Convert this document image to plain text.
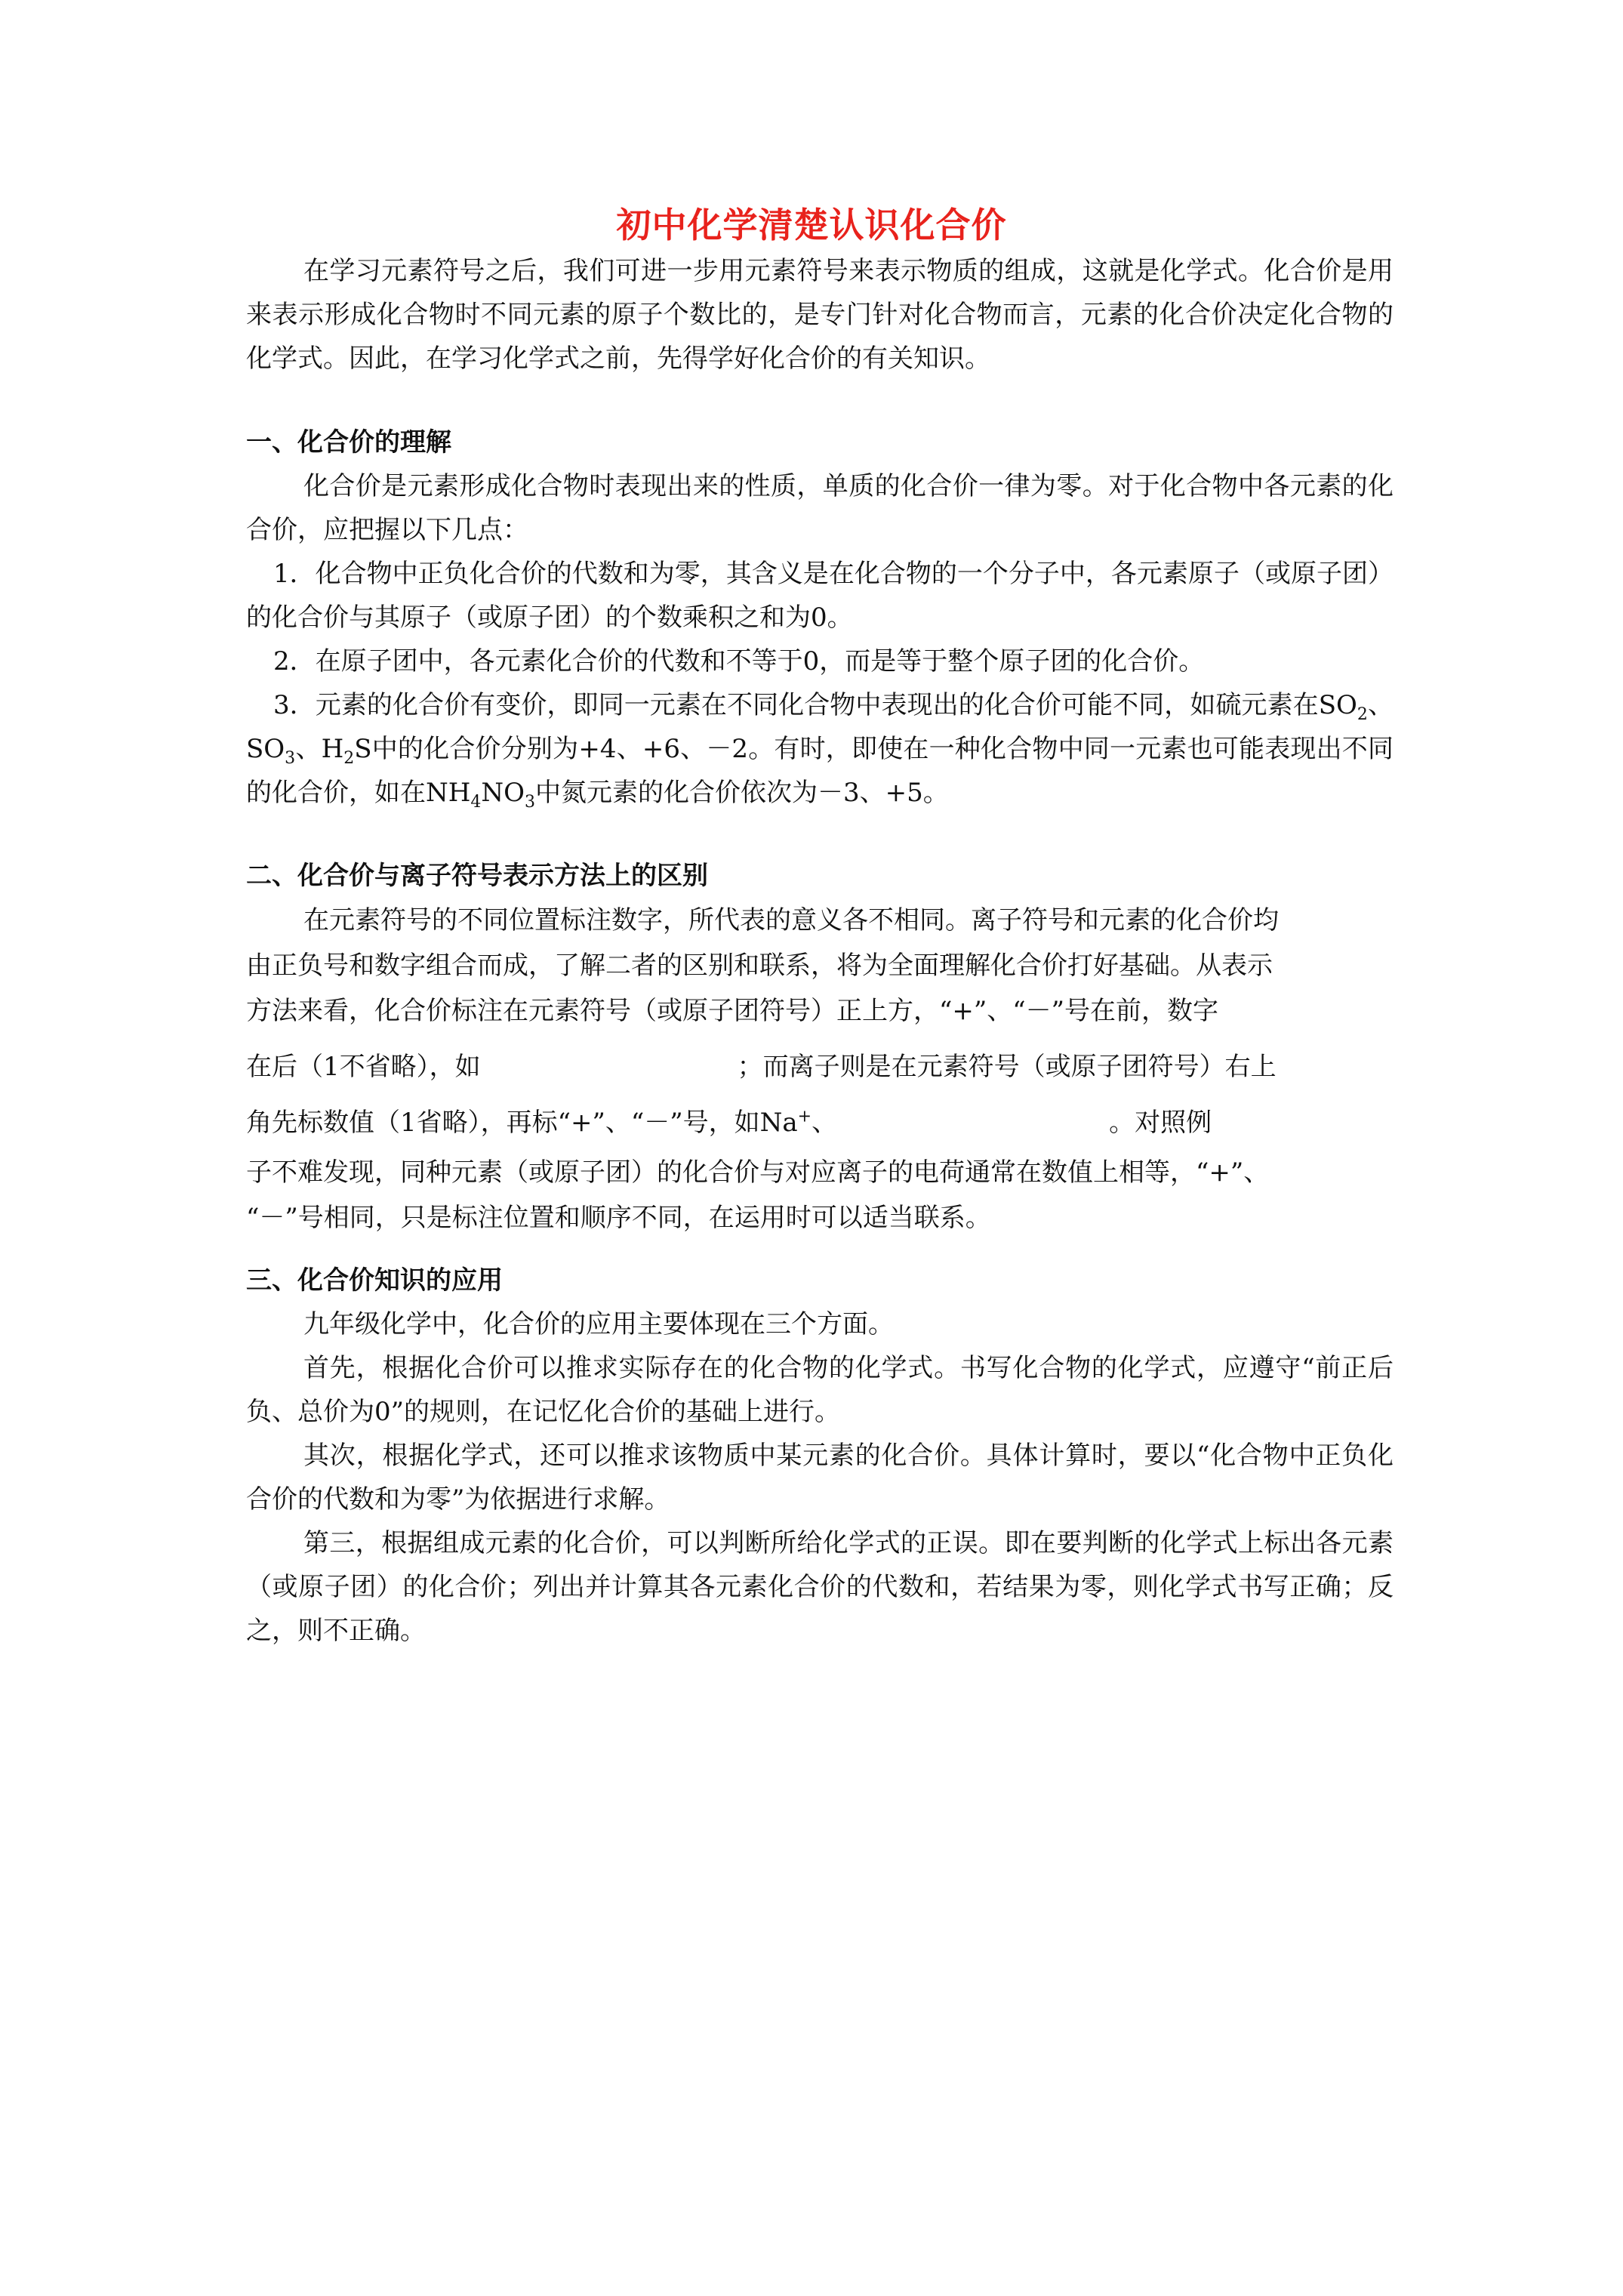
初中化学清楚认识化合价
在学习元素符号之后，我们可进一步用元素符号来表示物质的组成，这就是化学式。化合价是用来表示形成化合物时不同元素的原子个数比的，是专门针对化合物而言，元素的化合价决定化合物的化学式。因此，在学习化学式之前，先得学好化合价的有关知识。
一、化合价的理解
化合价是元素形成化合物时表现出来的性质，单质的化合价一律为零。对于化合物中各元素的化合价，应把握以下几点：
1．化合物中正负化合价的代数和为零，其含义是在化合物的一个分子中，各元素原子（或原子团）的化合价与其原子（或原子团）的个数乘积之和为0。
2．在原子团中，各元素化合价的代数和不等于0，而是等于整个原子团的化合价。
3．元素的化合价有变价，即同一元素在不同化合物中表现出的化合价可能不同，如硫元素在$SO_2$、$SO_3$、$H_2S$中的化合价分别为+4、+6、－2。有时，即使在一种化合物中同一元素也可能表现出不同的化合价，如在$NH_4NO_3$中氮元素的化合价依次为－3、+5。
二、化合价与离子符号表示方法上的区别
在元素符号的不同位置标注数字，所代表的意义各不相同。离子符号和元素的化合价均
由正负号和数字组合而成，了解二者的区别和联系，将为全面理解化合价打好基础。从表示
方法来看，化合价标注在元素符号（或原子团符号）正上方，“+”、“－”号在前，数字
在后（1不省略），如	；而离子则是在元素符号（或原子团符号）右上
角先标数值（1省略），再标“+”、“－”号，如Na+、	。对照例
子不难发现，同种元素（或原子团）的化合价与对应离子的电荷通常在数值上相等，“+”、
“－”号相同，只是标注位置和顺序不同，在运用时可以适当联系。
三、化合价知识的应用
九年级化学中，化合价的应用主要体现在三个方面。
首先，根据化合价可以推求实际存在的化合物的化学式。书写化合物的化学式，应遵守“前正后负、总价为0”的规则，在记忆化合价的基础上进行。
其次，根据化学式，还可以推求该物质中某元素的化合价。具体计算时，要以“化合物中正负化合价的代数和为零”为依据进行求解。
第三，根据组成元素的化合价，可以判断所给化学式的正误。即在要判断的化学式上标出各元素（或原子团）的化合价；列出并计算其各元素化合价的代数和，若结果为零，则化学式书写正确；反之，则不正确。
